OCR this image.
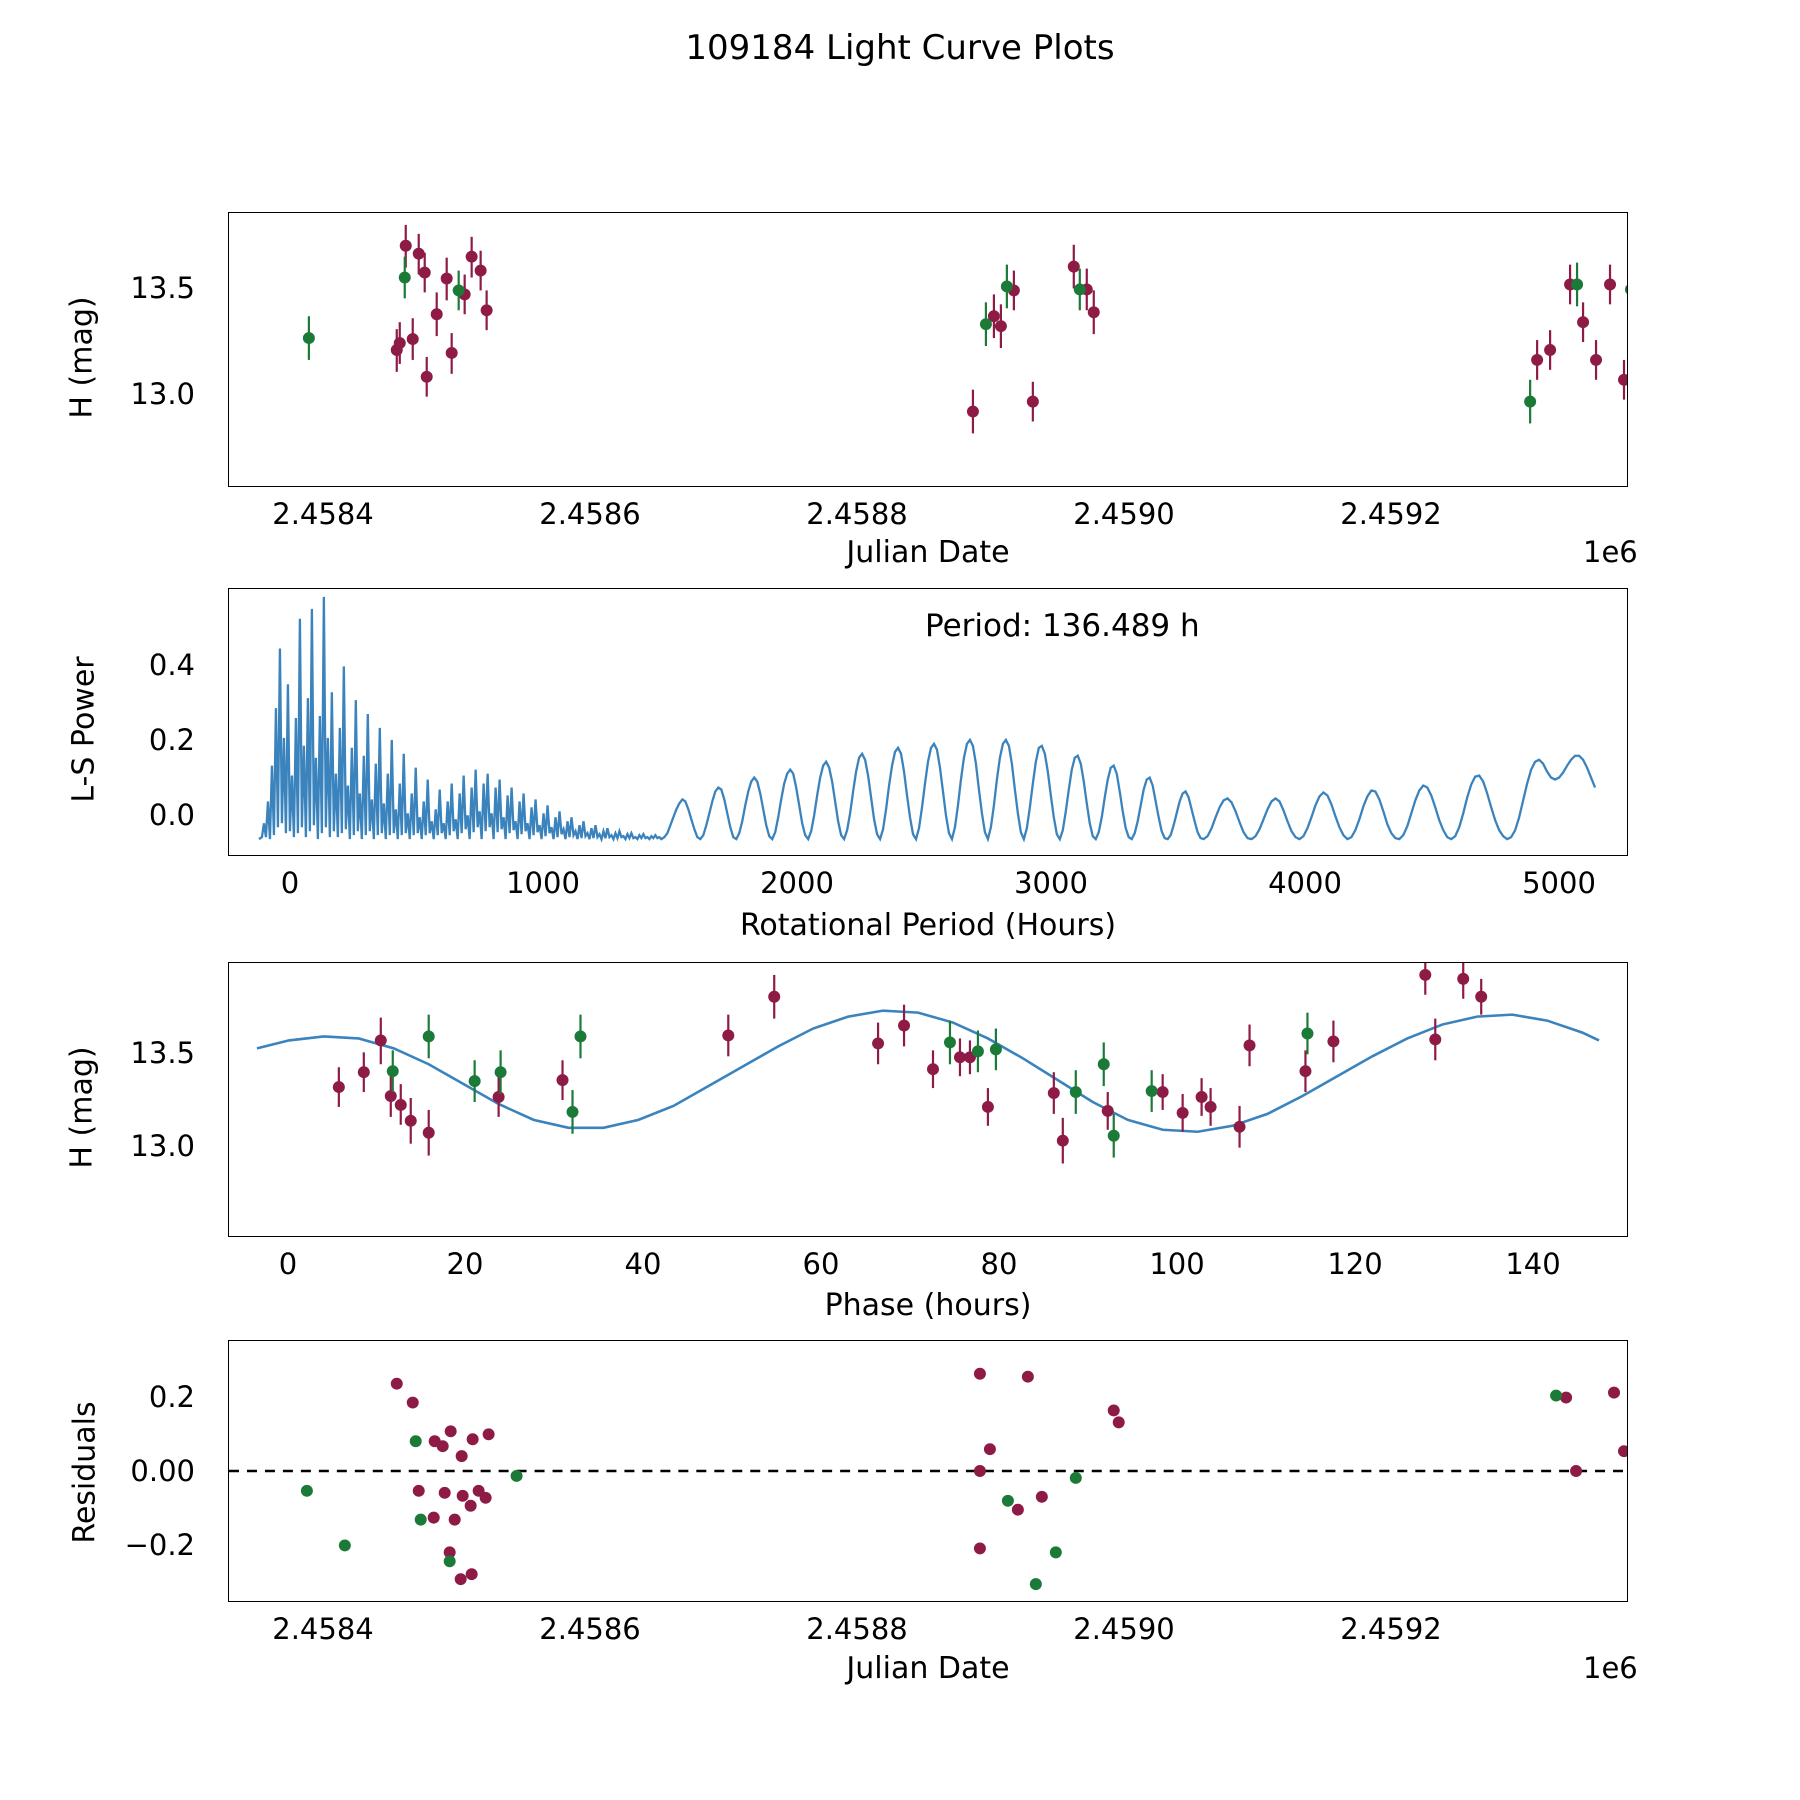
109184 Light Curve Plots
H (mag)
13.5
13.0
2.4584	2.4586	2.4588	2.4590	2.4592
Julian Date	1e6
L-S Power	0.4
0.2
0.0
0	1000	2000	3000	4000	5000
Rotational Period (Hours)
Period: 136.489 h
H (mag)	13.5
13.0
0	20	40	60	80	100	120	140
Phase (hours)
Residuals
0.2
0.00
−0.2
2.4584	2.4586	2.4588	2.4590	2.4592
Julian Date	1e6
